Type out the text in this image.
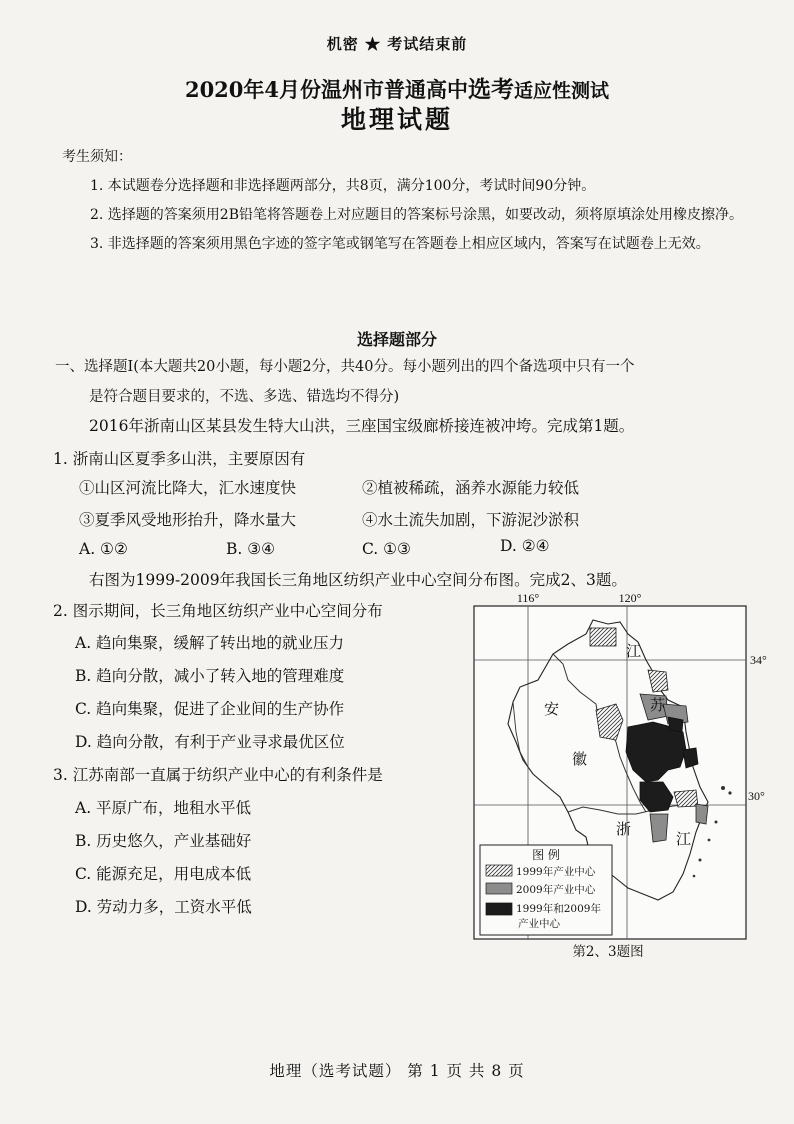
机密 ★ 考试结束前
2020年4月份温州市普通高中选考适应性测试
地理试题

考生须知：

1. 本试题卷分选择题和非选择题两部分，共8页，满分100分，考试时间90分钟。

2. 选择题的答案须用2B铅笔将答题卷上对应题目的答案标号涂黑，如要改动，须将原填涂处用橡皮擦净。

3. 非选择题的答案须用黑色字迹的签字笔或钢笔写在答题卷上相应区域内，答案写在试题卷上无效。

选择题部分
一、选择题Ⅰ(本大题共20小题，每小题2分，共40分。每小题列出的四个备选项中只有一个
是符合题目要求的，不选、多选、错选均不得分)
2016年浙南山区某县发生特大山洪，三座国宝级廊桥接连被冲垮。完成第1题。
1. 浙南山区夏季多山洪，主要原因有
①山区河流比降大，汇水速度快	②植被稀疏，涵养水源能力较低
③夏季风受地形抬升，降水量大	④水土流失加剧，下游泥沙淤积
A. ①②	B. ③④	C. ①③	D. ②④
右图为1999-2009年我国长三角地区纺织产业中心空间分布图。完成2、3题。
2. 图示期间，长三角地区纺织产业中心空间分布
A. 趋向集聚，缓解了转出地的就业压力
B. 趋向分散，减小了转入地的管理难度
C. 趋向集聚，促进了企业间的生产协作
D. 趋向分散，有利于产业寻求最优区位
3. 江苏南部一直属于纺织产业中心的有利条件是
A. 平原广布，地租水平低
B. 历史悠久，产业基础好
C. 能源充足，用电成本低
D. 劳动力多，工资水平低
116°	120°
34°
30°
江
苏
安
徽
浙
江
图 例
1999年产业中心
2009年产业中心
1999年和2009年
产业中心
第2、3题图
地理（选考试题） 第 1 页 共 8 页
